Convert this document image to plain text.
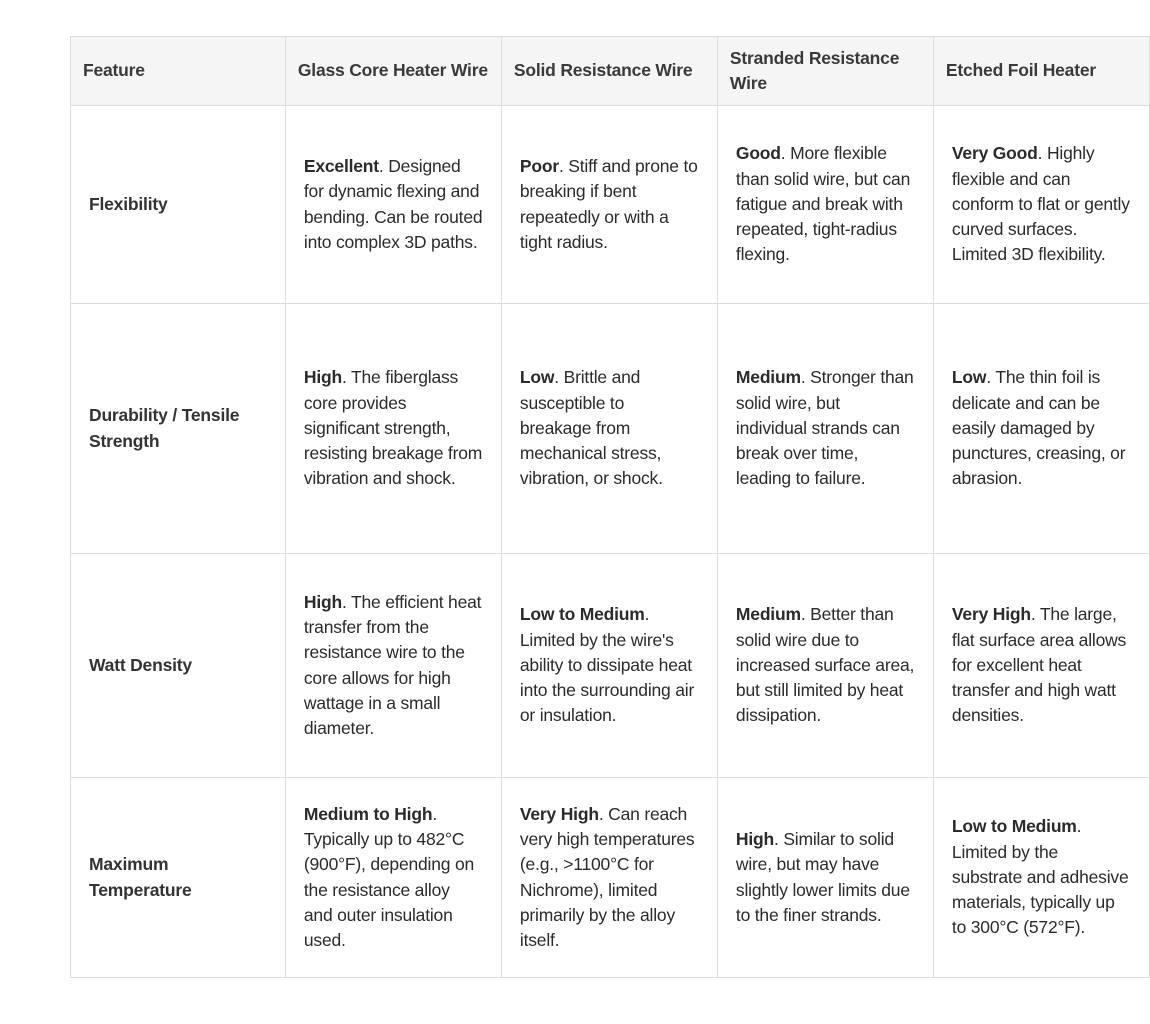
Feature	Glass Core Heater Wire	Solid Resistance Wire	Stranded Resistance Wire	Etched Foil Heater
Flexibility	Excellent. Designed for dynamic flexing and bending. Can be routed into complex 3D paths.	Poor. Stiff and prone to breaking if bent repeatedly or with a tight radius.	Good. More flexible than solid wire, but can fatigue and break with repeated, tight-radius flexing.	Very Good. Highly flexible and can conform to flat or gently curved surfaces. Limited 3D flexibility.
Durability / Tensile Strength	High. The fiberglass core provides significant strength, resisting breakage from vibration and shock.	Low. Brittle and susceptible to breakage from mechanical stress, vibration, or shock.	Medium. Stronger than solid wire, but individual strands can break over time, leading to failure.	Low. The thin foil is delicate and can be easily damaged by punctures, creasing, or abrasion.
Watt Density	High. The efficient heat transfer from the resistance wire to the core allows for high wattage in a small diameter.	Low to Medium. Limited by the wire's ability to dissipate heat into the surrounding air or insulation.	Medium. Better than solid wire due to increased surface area, but still limited by heat dissipation.	Very High. The large, flat surface area allows for excellent heat transfer and high watt densities.
Maximum Temperature	Medium to High. Typically up to 482°C (900°F), depending on the resistance alloy and outer insulation used.	Very High. Can reach very high temperatures (e.g., >1100°C for Nichrome), limited primarily by the alloy itself.	High. Similar to solid wire, but may have slightly lower limits due to the finer strands.	Low to Medium. Limited by the substrate and adhesive materials, typically up to 300°C (572°F).
